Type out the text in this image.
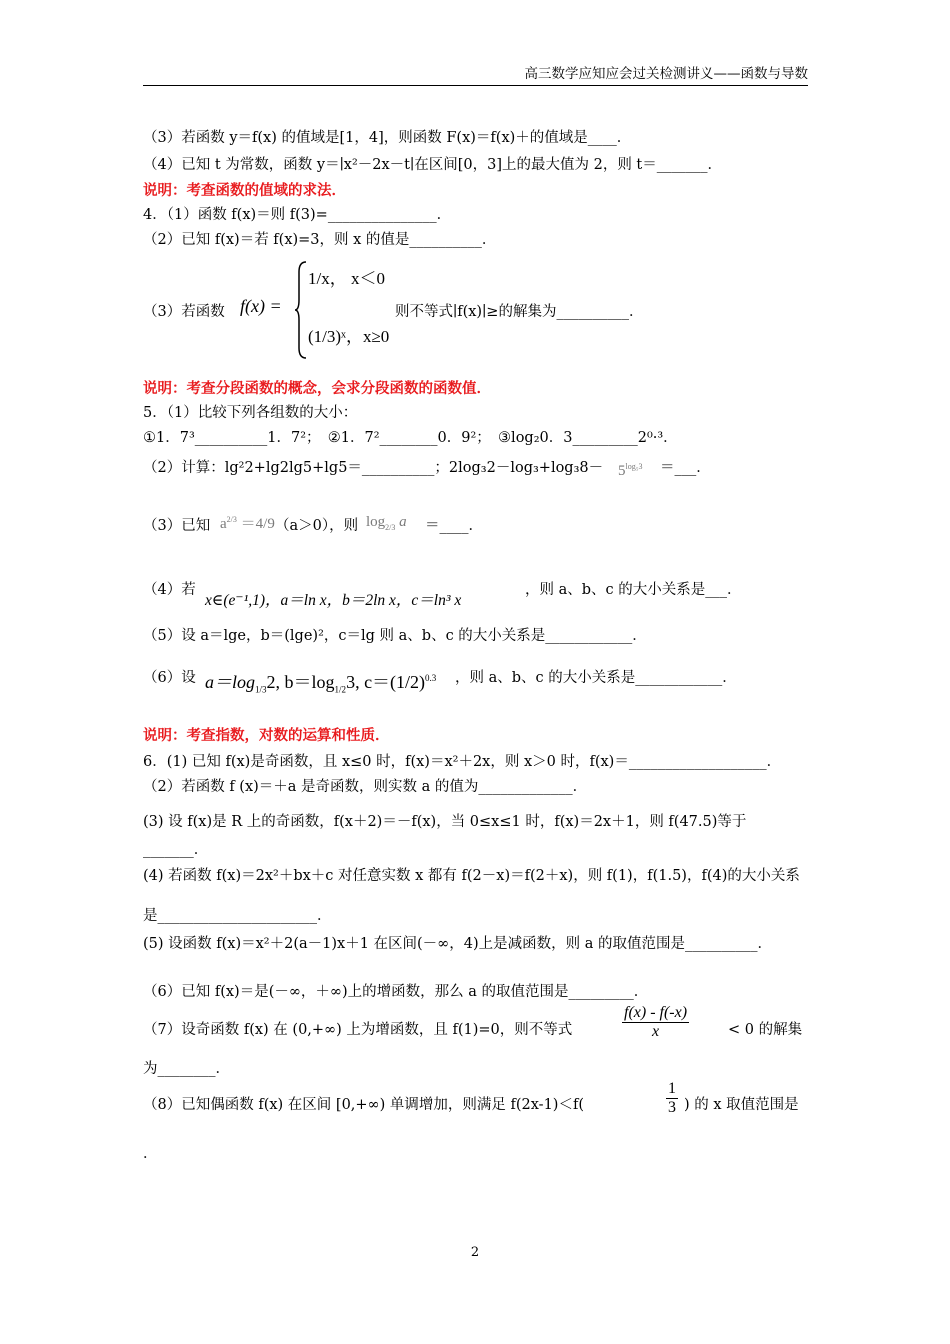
高三数学应知应会过关检测讲义——函数与导数
（3）若函数 y＝f(x) 的值域是[1，4]，则函数 F(x)＝f(x)＋的值域是____．
（4）已知 t 为常数，函数 y＝∣x²－2x－t∣在区间[0，3]上的最大值为 2，则 t＝_______．
说明：考查函数的值域的求法．
4．（1）函数 f(x)＝则 f(3)=_______________．
（2）已知 f(x)＝若 f(x)=3，则 x 的值是__________．
（3）若函数 f(x) =
1/x， x＜0
(1/3)ˣ，x≥0
则不等式∣f(x)∣≥的解集为__________．
说明：考查分段函数的概念，会求分段函数的函数值．
5．（1）比较下列各组数的大小：
①1．7³__________1．7²；　②1．7²________0．9²；　③log₂0．3_________2⁰·³．
（2）计算：lg²2+lg2lg5+lg5＝__________；$2\log_32-\log_3+\log_38- 5^{log_53}$ ＝___．
（3）已知 $a^{2/3} =4/9$ （a＞0），则 $\log_{2/3} a$ ＝____．
（4）若
x∈(e⁻¹,1)，a＝ln x，b＝2ln x，c＝ln³ x
，则 a、b、c 的大小关系是___．
（5）设 a＝lge，b＝(lge)²，c＝lg 则 a、b、c 的大小关系是____________．
（6）设 $a=\log_{1/3}2$, $b=\log_{1/2}3$, $c=(1/2)^{0.3}$ ，则 a、b、c 的大小关系是____________．
说明：考查指数，对数的运算和性质．
6．(1) 已知 f(x)是奇函数，且 x≤0 时，f(x)＝x²＋2x，则 x＞0 时，f(x)＝___________________．
（2）若函数 f (x)＝＋a 是奇函数，则实数 a 的值为_____________．
(3) 设 f(x)是 R 上的奇函数，f(x＋2)＝－f(x)，当 0≤x≤1 时，f(x)＝2x＋1，则 f(47.5)等于_______．
(4) 若函数 f(x)＝2x²＋bx＋c 对任意实数 x 都有 f(2－x)＝f(2＋x)，则 f(1)，f(1.5)，f(4)的大小关系是______________________．
(5) 设函数 f(x)＝x²＋2(a－1)x＋1 在区间(－∞，4)上是减函数，则 a 的取值范围是__________．
（6）已知 f(x)＝是(－∞，＋∞)上的增函数，那么 a 的取值范围是_________．
（7）设奇函数 f(x) 在 (0,+∞) 上为增函数，且 f(1)=0，则不等式	$\frac{f(x) - f(-x)}{x}$	< 0 的解集
为________．
（8）已知偶函数 f(x) 在区间 [0,+∞) 单调增加，则满足 f(2x-1)＜f(	$\frac{1}{3}$ ) 的 x 取值范围是
．
2
